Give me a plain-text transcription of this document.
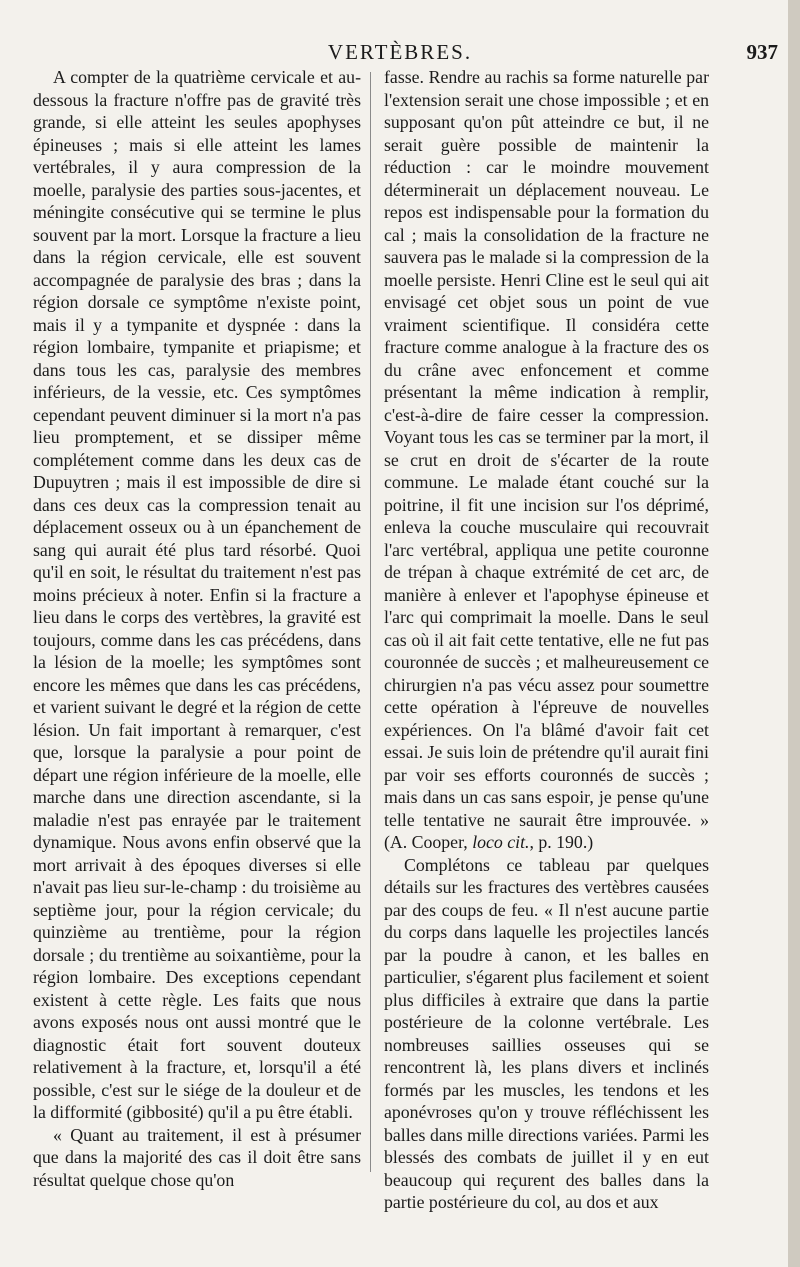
VERTÈBRES.	937

A compter de la quatrième cervicale et au-dessous la fracture n'offre pas de gravité très grande, si elle atteint les seules apophyses épineuses ; mais si elle atteint les lames vertébrales, il y aura compression de la moelle, paralysie des parties sous-jacentes, et méningite consécutive qui se termine le plus souvent par la mort. Lorsque la fracture a lieu dans la région cervicale, elle est souvent accompagnée de paralysie des bras ; dans la région dorsale ce symptôme n'existe point, mais il y a tympanite et dyspnée : dans la région lombaire, tympanite et priapisme; et dans tous les cas, paralysie des membres inférieurs, de la vessie, etc. Ces symptômes cependant peuvent diminuer si la mort n'a pas lieu promptement, et se dissiper même complétement comme dans les deux cas de Dupuytren ; mais il est impossible de dire si dans ces deux cas la compression tenait au déplacement osseux ou à un épanchement de sang qui aurait été plus tard résorbé. Quoi qu'il en soit, le résultat du traitement n'est pas moins précieux à noter. Enfin si la fracture a lieu dans le corps des vertèbres, la gravité est toujours, comme dans les cas précédens, dans la lésion de la moelle; les symptômes sont encore les mêmes que dans les cas précédens, et varient suivant le degré et la région de cette lésion. Un fait important à remarquer, c'est que, lorsque la paralysie a pour point de départ une région inférieure de la moelle, elle marche dans une direction ascendante, si la maladie n'est pas enrayée par le traitement dynamique. Nous avons enfin observé que la mort arrivait à des époques diverses si elle n'avait pas lieu sur-le-champ : du troisième au septième jour, pour la région cervicale; du quinzième au trentième, pour la région dorsale ; du trentième au soixantième, pour la région lombaire. Des exceptions cependant existent à cette règle. Les faits que nous avons exposés nous ont aussi montré que le diagnostic était fort souvent douteux relativement à la fracture, et, lorsqu'il a été possible, c'est sur le siége de la douleur et de la difformité (gibbosité) qu'il a pu être établi.

« Quant au traitement, il est à présumer que dans la majorité des cas il doit être sans résultat quelque chose qu'on

fasse. Rendre au rachis sa forme naturelle par l'extension serait une chose impossible ; et en supposant qu'on pût atteindre ce but, il ne serait guère possible de maintenir la réduction : car le moindre mouvement déterminerait un déplacement nouveau. Le repos est indispensable pour la formation du cal ; mais la consolidation de la fracture ne sauvera pas le malade si la compression de la moelle persiste. Henri Cline est le seul qui ait envisagé cet objet sous un point de vue vraiment scientifique. Il considéra cette fracture comme analogue à la fracture des os du crâne avec enfoncement et comme présentant la même indication à remplir, c'est-à-dire de faire cesser la compression. Voyant tous les cas se terminer par la mort, il se crut en droit de s'écarter de la route commune. Le malade étant couché sur la poitrine, il fit une incision sur l'os déprimé, enleva la couche musculaire qui recouvrait l'arc vertébral, appliqua une petite couronne de trépan à chaque extrémité de cet arc, de manière à enlever et l'apophyse épineuse et l'arc qui comprimait la moelle. Dans le seul cas où il ait fait cette tentative, elle ne fut pas couronnée de succès ; et malheureusement ce chirurgien n'a pas vécu assez pour soumettre cette opération à l'épreuve de nouvelles expériences. On l'a blâmé d'avoir fait cet essai. Je suis loin de prétendre qu'il aurait fini par voir ses efforts couronnés de succès ; mais dans un cas sans espoir, je pense qu'une telle tentative ne saurait être improuvée. » (A. Cooper, loco cit., p. 190.)

Complétons ce tableau par quelques détails sur les fractures des vertèbres causées par des coups de feu. « Il n'est aucune partie du corps dans laquelle les projectiles lancés par la poudre à canon, et les balles en particulier, s'égarent plus facilement et soient plus difficiles à extraire que dans la partie postérieure de la colonne vertébrale. Les nombreuses saillies osseuses qui se rencontrent là, les plans divers et inclinés formés par les muscles, les tendons et les aponévroses qu'on y trouve réfléchissent les balles dans mille directions variées. Parmi les blessés des combats de juillet il y en eut beaucoup qui reçurent des balles dans la partie postérieure du col, au dos et aux
